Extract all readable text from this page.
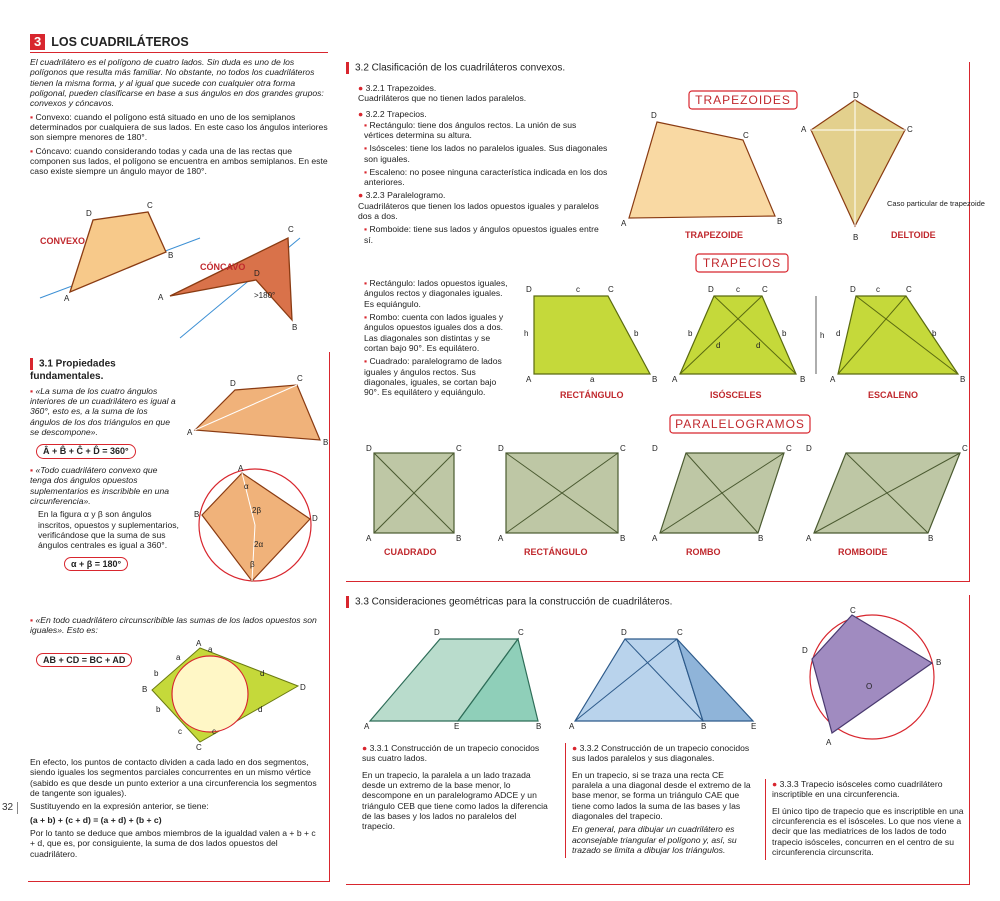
3 LOS CUADRILÁTEROS

El cuadrilátero es el polígono de cuatro lados. Sin duda es uno de los polígonos que resulta más familiar. No obstante, no todos los cuadriláteros tienen la misma forma, y al igual que sucede con cualquier otra forma poligonal, pueden clasificarse en base a sus ángulos en dos grandes grupos: convexos y cóncavos.

▪ Convexo: cuando el polígono está situado en uno de los semiplanos determinados por cualquiera de sus lados. En este caso los ángulos interiores son siempre menores de 180°.

▪ Cóncavo: cuando considerando todas y cada una de las rectas que componen sus lados, el polígono se encuentra en ambos semiplanos. En este caso existe siempre un ángulo mayor de 180°.

CONVEXO
D
C
B
A
CÓNCAVO
>180°
A
C
B
D
3.1 Propiedades fundamentales.

▪ «La suma de los cuatro ángulos interiores de un cuadrilátero es igual a 360°, esto es, a la suma de los ángulos de los dos triángulos en que se descompone».

Â + B̂ + Ĉ + D̂ = 360°

▪ «Todo cuadrilátero convexo que tenga dos ángulos opuestos suplementarios es inscribible en una circunferencia».

En la figura α y β son ángulos inscritos, opuestos y suplementarios, verificándose que la suma de sus ángulos centrales es igual a 360°.

α + β = 180°
A
D
C
B
A
B	D
α
2β
2α
β

▪ «En todo cuadrilátero circunscribible las sumas de los lados opuestos son iguales». Esto es:

AB + CD = BC + AD
A
B
C
D
a
a
b
b
c	c
d
d

En efecto, los puntos de contacto dividen a cada lado en dos segmentos, siendo iguales los segmentos parciales concurrentes en un mismo vértice (sabido es que desde un punto exterior a una circunferencia los segmentos de tangente son iguales).

Sustituyendo en la expresión anterior, se tiene:

(a + b) + (c + d) = (a + d) + (b + c)

Por lo tanto se deduce que ambos miembros de la igualdad valen a + b + c + d, que es, por consiguiente, la suma de dos lados opuestos del cuadrilátero.

32
3.2 Clasificación de los cuadriláteros convexos.
● 3.2.1 Trapezoides.

Cuadriláteros que no tienen lados paralelos.

● 3.2.2 Trapecios.

▪ Rectángulo: tiene dos ángulos rectos. La unión de sus vértices determina su altura.

▪ Isósceles: tiene los lados no paralelos iguales. Sus diagonales son iguales.

▪ Escaleno: no posee ninguna característica indicada en los dos anteriores.

● 3.2.3 Paralelogramo.

Cuadriláteros que tienen los lados opuestos iguales y paralelos dos a dos.

▪ Romboide: tiene sus lados y ángulos opuestos iguales entre sí.

▪ Rectángulo: lados opuestos iguales, ángulos rectos y diagonales iguales. Es equiángulo.

▪ Rombo: cuenta con lados iguales y ángulos opuestos iguales dos a dos. Las diagonales son distintas y se cortan bajo 90°. Es equilátero.

▪ Cuadrado: paralelogramo de lados iguales y ángulos rectos. Sus diagonales, iguales, se cortan bajo 90°. Es equilátero y equiángulo.

TRAPEZOIDES
A
D
C
B
TRAPEZOIDE
D
A	C
B
Caso particular de trapezoide
DELTOIDE
TRAPECIOS
A
D	c	C
B
h	b
a
RECTÁNGULO
A
D	c	C
B
h
b	b
d	d
ISÓSCELES
A
D	c	C
B
d	b
ESCALENO
PARALELOGRAMOS
D	C
A	B
CUADRADO
D	C
A	B
RECTÁNGULO
D	C
A	B
ROMBO
D	C
A	B
ROMBOIDE
3.3 Consideraciones geométricas para la construcción de cuadriláteros.
A
D	C
E	B	A
D	C
B	E
C
D
A
B
O
● 3.3.1 Construcción de un trapecio conocidos sus cuatro lados.

En un trapecio, la paralela a un lado trazada desde un extremo de la base menor, lo descompone en un paralelogramo ADCE y un triángulo CEB que tiene como lados la diferencia de las bases y los lados no paralelos del trapecio.

● 3.3.2 Construcción de un trapecio conocidos sus lados paralelos y sus diagonales.

En un trapecio, si se traza una recta CE paralela a una diagonal desde el extremo de la base menor, se forma un triángulo CAE que tiene como lados la suma de las bases y las diagonales del trapecio.

En general, para dibujar un cuadrilátero es aconsejable triangular el polígono y, así, su trazado se limita a dibujar los triángulos.

● 3.3.3 Trapecio isósceles como cuadrilátero inscriptible en una circunferencia.

El único tipo de trapecio que es inscriptible en una circunferencia es el isósceles. Lo que nos viene a decir que las mediatrices de los lados de todo trapecio isósceles, concurren en el centro de su circunferencia circunscrita.
